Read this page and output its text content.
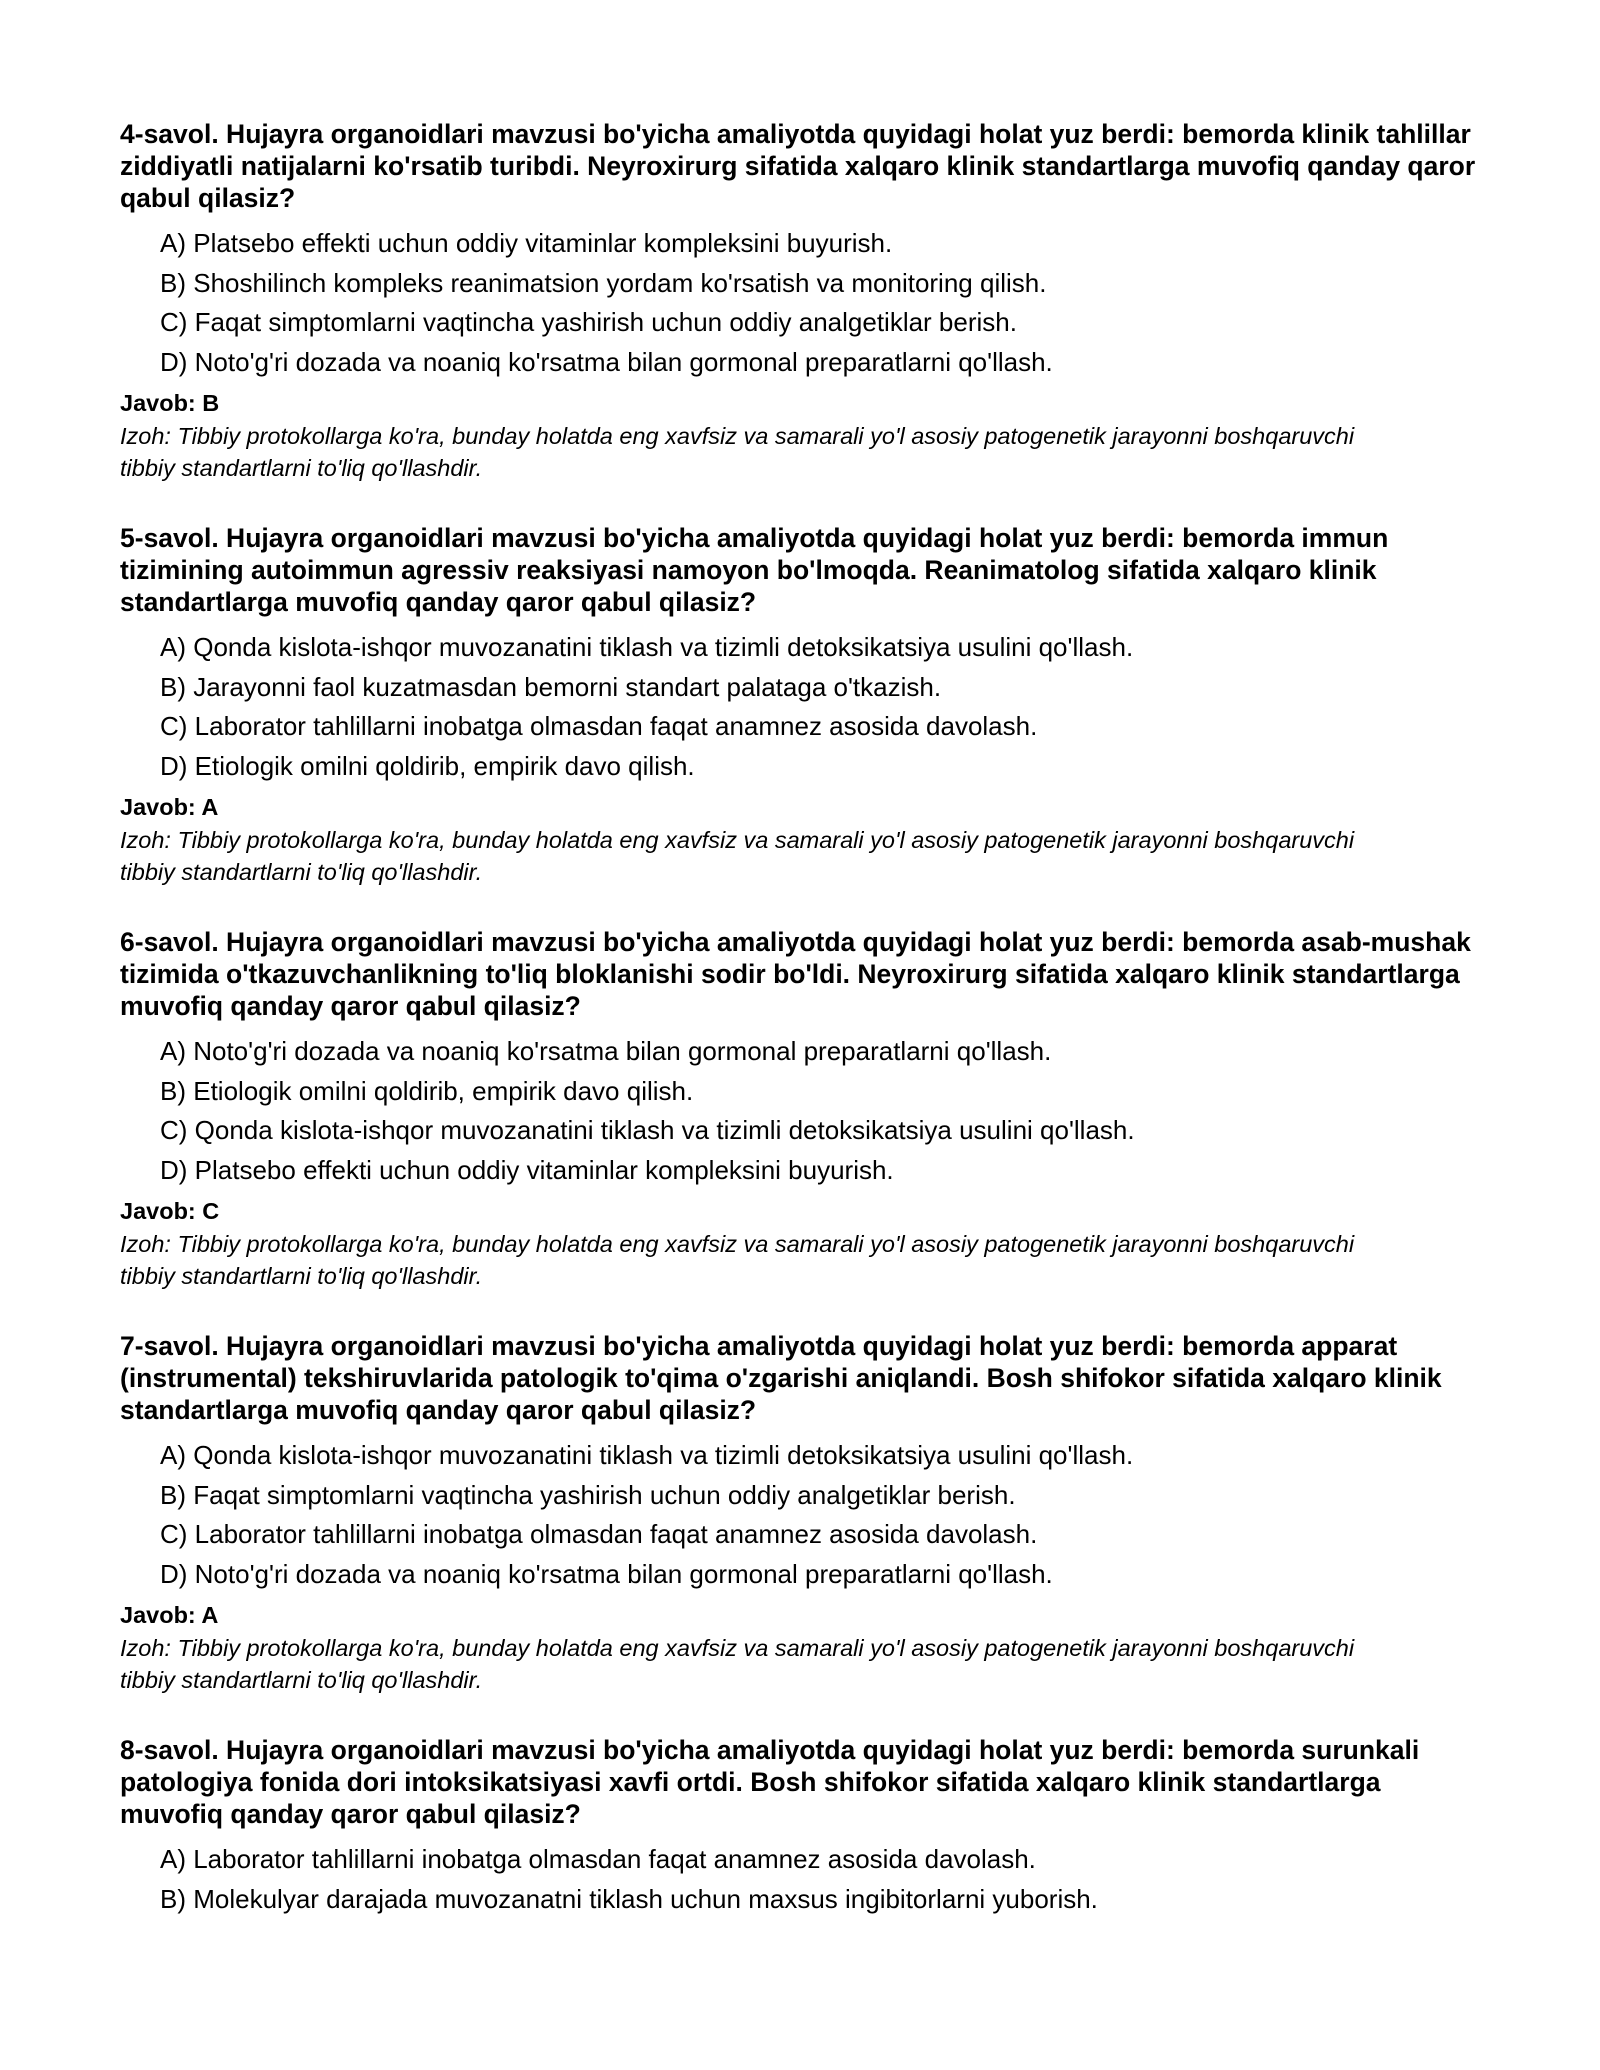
4-savol. Hujayra organoidlari mavzusi bo'yicha amaliyotda quyidagi holat yuz berdi: bemorda klinik tahlillar ziddiyatli natijalarni ko'rsatib turibdi. Neyroxirurg sifatida xalqaro klinik standartlarga muvofiq qanday qaror qabul qilasiz?
A) Platsebo effekti uchun oddiy vitaminlar kompleksini buyurish.
B) Shoshilinch kompleks reanimatsion yordam ko'rsatish va monitoring qilish.
C) Faqat simptomlarni vaqtincha yashirish uchun oddiy analgetiklar berish.
D) Noto'g'ri dozada va noaniq ko'rsatma bilan gormonal preparatlarni qo'llash.
Javob: B
Izoh: Tibbiy protokollarga ko'ra, bunday holatda eng xavfsiz va samarali yo'l asosiy patogenetik jarayonni boshqaruvchi tibbiy standartlarni to'liq qo'llashdir.
5-savol. Hujayra organoidlari mavzusi bo'yicha amaliyotda quyidagi holat yuz berdi: bemorda immun tizimining autoimmun agressiv reaksiyasi namoyon bo'lmoqda. Reanimatolog sifatida xalqaro klinik standartlarga muvofiq qanday qaror qabul qilasiz?
A) Qonda kislota-ishqor muvozanatini tiklash va tizimli detoksikatsiya usulini qo'llash.
B) Jarayonni faol kuzatmasdan bemorni standart palataga o'tkazish.
C) Laborator tahlillarni inobatga olmasdan faqat anamnez asosida davolash.
D) Etiologik omilni qoldirib, empirik davo qilish.
Javob: A
Izoh: Tibbiy protokollarga ko'ra, bunday holatda eng xavfsiz va samarali yo'l asosiy patogenetik jarayonni boshqaruvchi tibbiy standartlarni to'liq qo'llashdir.
6-savol. Hujayra organoidlari mavzusi bo'yicha amaliyotda quyidagi holat yuz berdi: bemorda asab-mushak tizimida o'tkazuvchanlikning to'liq bloklanishi sodir bo'ldi. Neyroxirurg sifatida xalqaro klinik standartlarga muvofiq qanday qaror qabul qilasiz?
A) Noto'g'ri dozada va noaniq ko'rsatma bilan gormonal preparatlarni qo'llash.
B) Etiologik omilni qoldirib, empirik davo qilish.
C) Qonda kislota-ishqor muvozanatini tiklash va tizimli detoksikatsiya usulini qo'llash.
D) Platsebo effekti uchun oddiy vitaminlar kompleksini buyurish.
Javob: C
Izoh: Tibbiy protokollarga ko'ra, bunday holatda eng xavfsiz va samarali yo'l asosiy patogenetik jarayonni boshqaruvchi tibbiy standartlarni to'liq qo'llashdir.
7-savol. Hujayra organoidlari mavzusi bo'yicha amaliyotda quyidagi holat yuz berdi: bemorda apparat (instrumental) tekshiruvlarida patologik to'qima o'zgarishi aniqlandi. Bosh shifokor sifatida xalqaro klinik standartlarga muvofiq qanday qaror qabul qilasiz?
A) Qonda kislota-ishqor muvozanatini tiklash va tizimli detoksikatsiya usulini qo'llash.
B) Faqat simptomlarni vaqtincha yashirish uchun oddiy analgetiklar berish.
C) Laborator tahlillarni inobatga olmasdan faqat anamnez asosida davolash.
D) Noto'g'ri dozada va noaniq ko'rsatma bilan gormonal preparatlarni qo'llash.
Javob: A
Izoh: Tibbiy protokollarga ko'ra, bunday holatda eng xavfsiz va samarali yo'l asosiy patogenetik jarayonni boshqaruvchi tibbiy standartlarni to'liq qo'llashdir.
8-savol. Hujayra organoidlari mavzusi bo'yicha amaliyotda quyidagi holat yuz berdi: bemorda surunkali patologiya fonida dori intoksikatsiyasi xavfi ortdi. Bosh shifokor sifatida xalqaro klinik standartlarga muvofiq qanday qaror qabul qilasiz?
A) Laborator tahlillarni inobatga olmasdan faqat anamnez asosida davolash.
B) Molekulyar darajada muvozanatni tiklash uchun maxsus ingibitorlarni yuborish.
